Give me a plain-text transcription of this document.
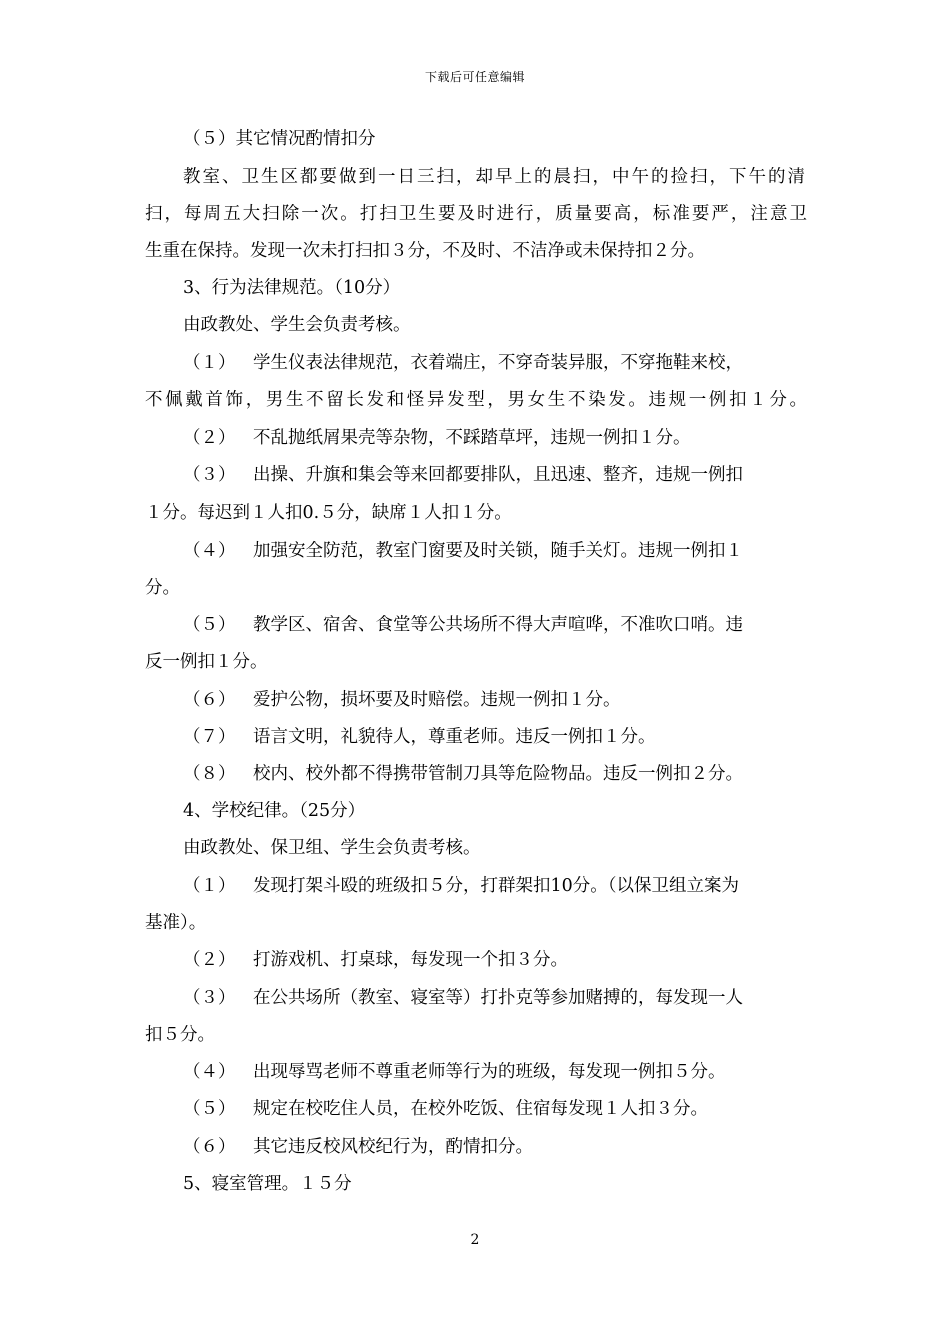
下载后可任意编辑
（５）其它情况酌情扣分
教室、卫生区都要做到一日三扫，却早上的晨扫，中午的捡扫，下午的清
扫，每周五大扫除一次。打扫卫生要及时进行，质量要高，标准要严，注意卫
生重在保持。发现一次未打扫扣３分，不及时、不洁净或未保持扣２分。
3、行为法律规范。（10分）
由政教处、学生会负责考核。
（１） 学生仪表法律规范，衣着端庄，不穿奇装异服，不穿拖鞋来校，
不佩戴首饰，男生不留长发和怪异发型，男女生不染发。违规一例扣１分。
（２） 不乱抛纸屑果壳等杂物，不踩踏草坪，违规一例扣１分。
（３） 出操、升旗和集会等来回都要排队，且迅速、整齐，违规一例扣
１分。每迟到１人扣0.５分，缺席１人扣１分。
（４） 加强安全防范，教室门窗要及时关锁，随手关灯。违规一例扣１
分。
（５） 教学区、宿舍、食堂等公共场所不得大声喧哗，不准吹口哨。违
反一例扣１分。
（６） 爱护公物，损坏要及时赔偿。违规一例扣１分。
（７） 语言文明，礼貌待人，尊重老师。违反一例扣１分。
（８） 校内、校外都不得携带管制刀具等危险物品。违反一例扣２分。
4、学校纪律。（25分）
由政教处、保卫组、学生会负责考核。
（１） 发现打架斗殴的班级扣５分，打群架扣10分。（以保卫组立案为
基准）。
（２） 打游戏机、打桌球，每发现一个扣３分。
（３） 在公共场所（教室、寝室等）打扑克等参加赌搏的，每发现一人
扣５分。
（４） 出现辱骂老师不尊重老师等行为的班级，每发现一例扣５分。
（５） 规定在校吃住人员，在校外吃饭、住宿每发现１人扣３分。
（６） 其它违反校风校纪行为，酌情扣分。
5、寝室管理。１５分
2
